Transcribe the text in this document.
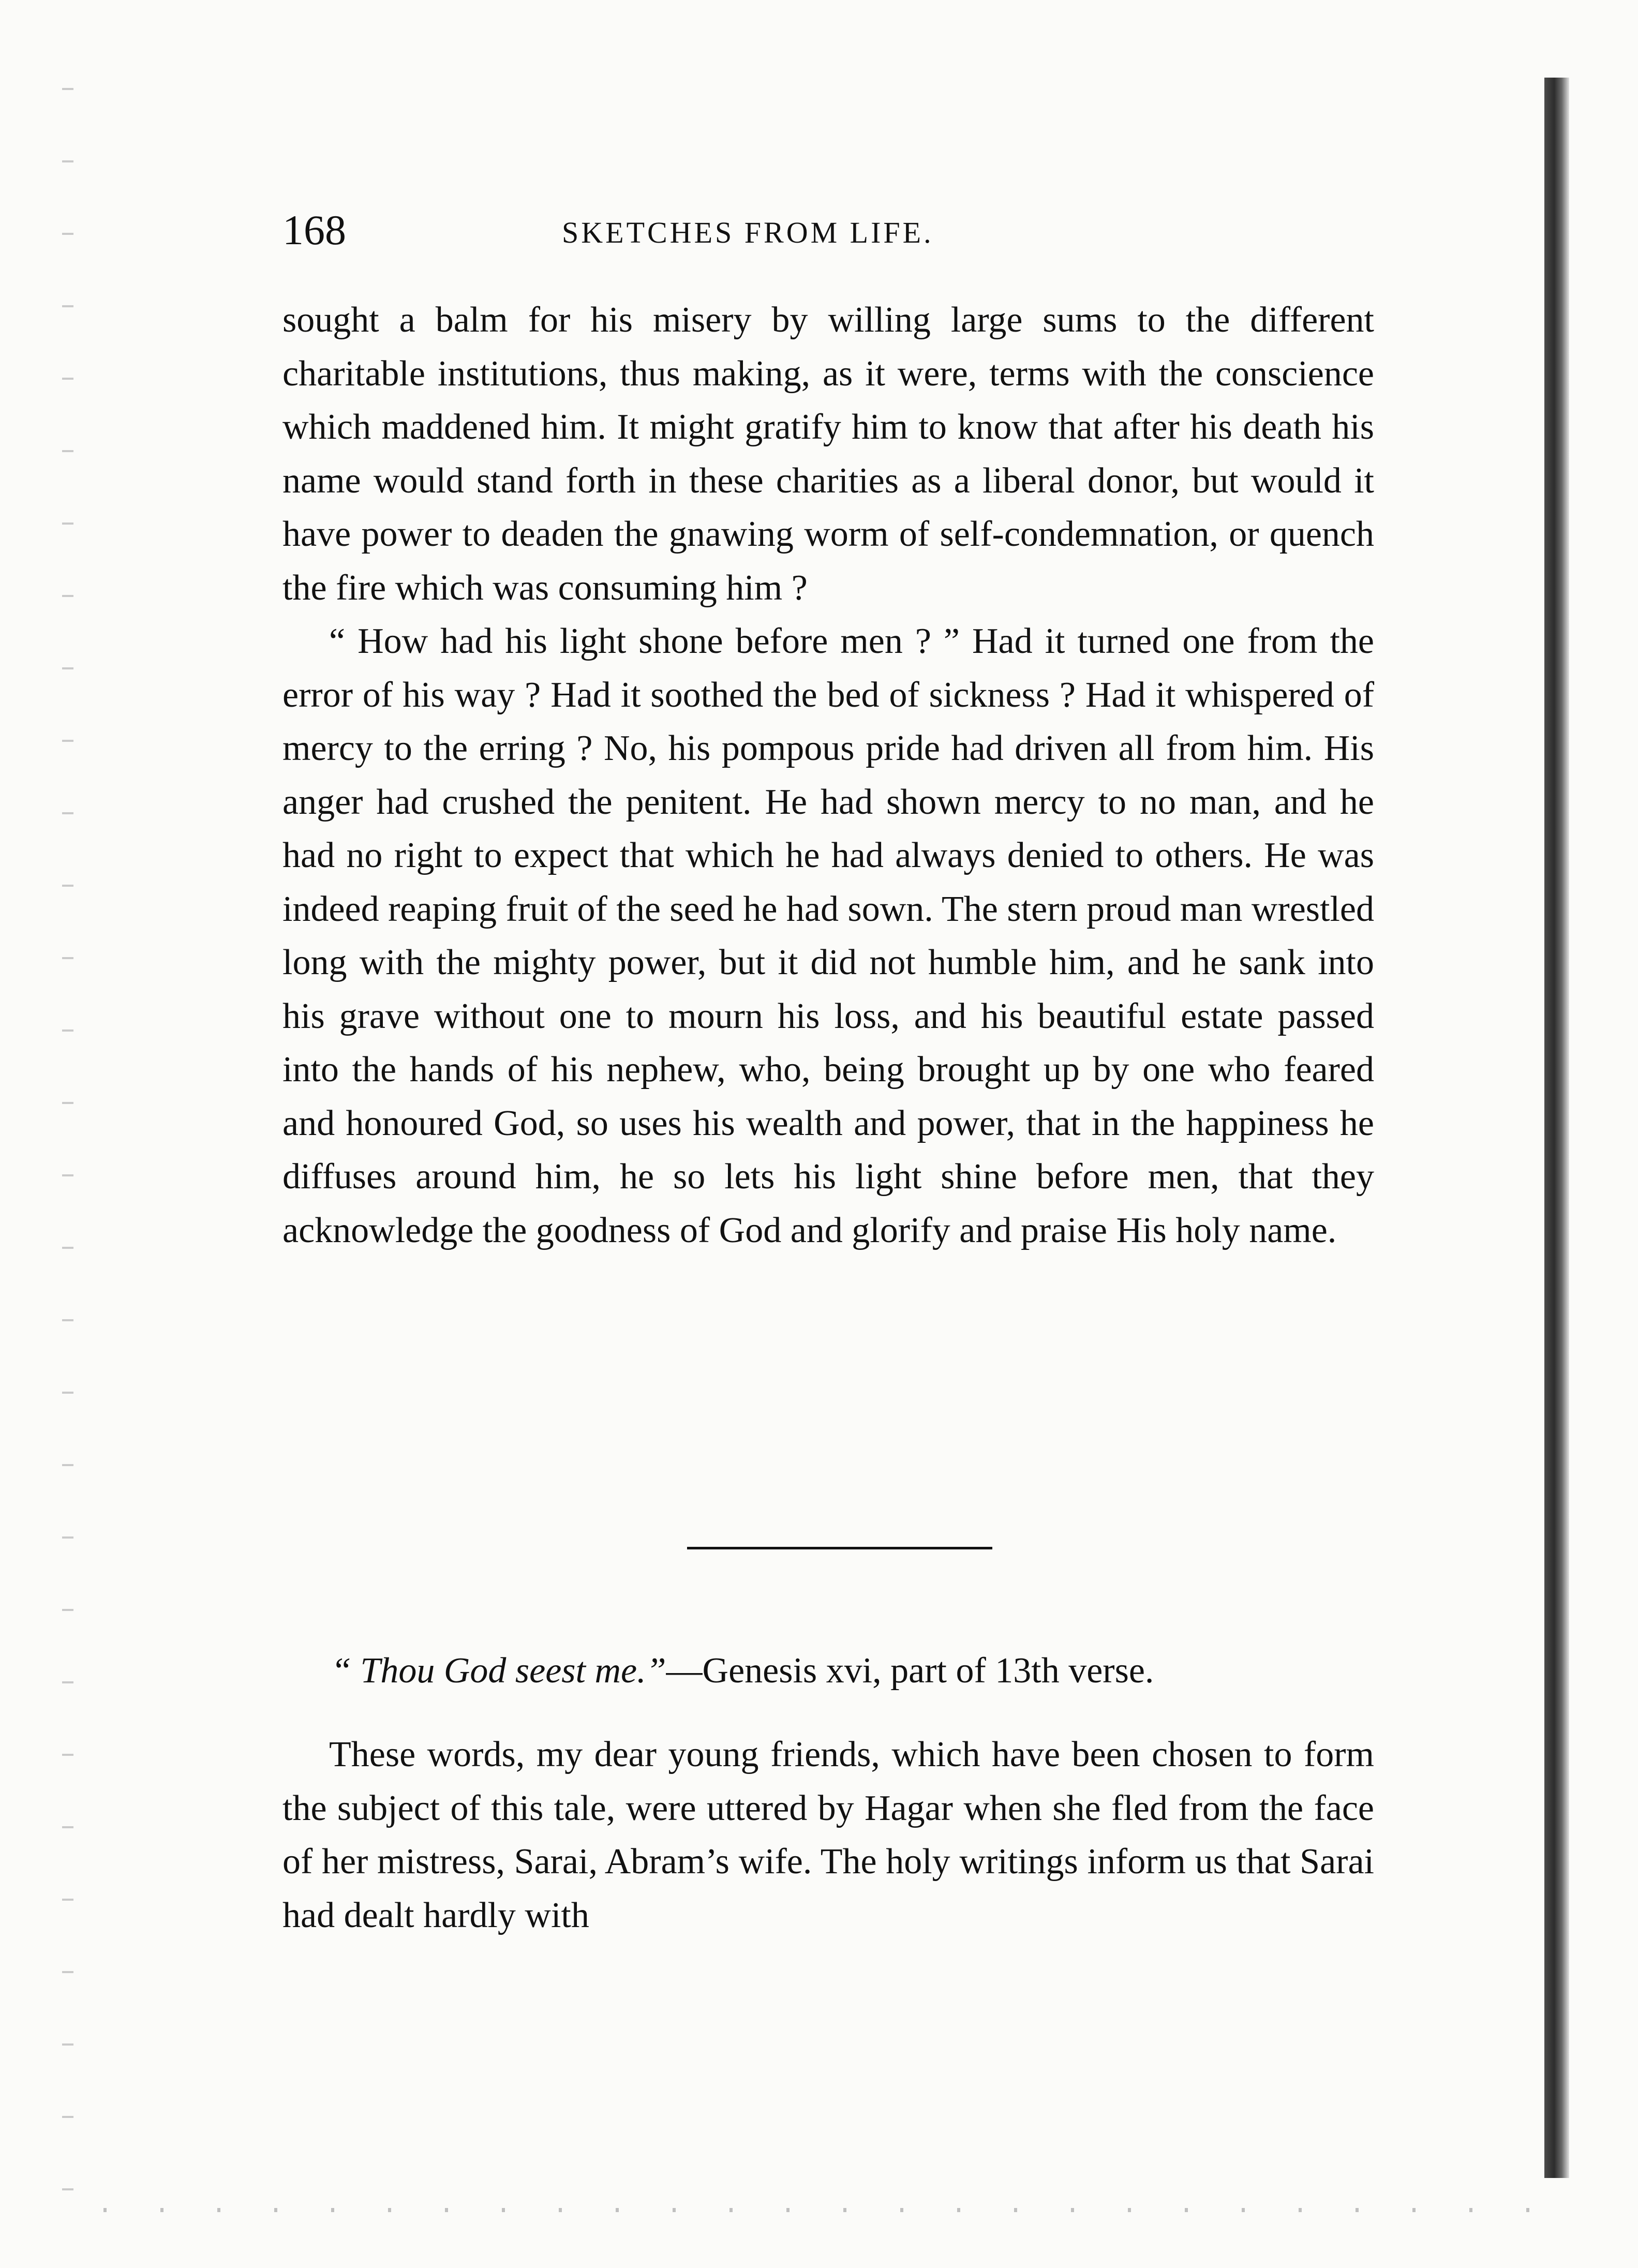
168	SKETCHES FROM LIFE.

sought a balm for his misery by willing large sums to the different charitable institutions, thus making, as it were, terms with the conscience which maddened him. It might gratify him to know that after his death his name would stand forth in these charities as a liberal donor, but would it have power to deaden the gnawing worm of self-condemnation, or quench the fire which was consuming him ?

“ How had his light shone before men ? ” Had it turned one from the error of his way ? Had it soothed the bed of sickness ? Had it whispered of mercy to the erring ? No, his pompous pride had driven all from him. His anger had crushed the penitent. He had shown mercy to no man, and he had no right to expect that which he had always denied to others. He was indeed reaping fruit of the seed he had sown. The stern proud man wrestled long with the mighty power, but it did not humble him, and he sank into his grave without one to mourn his loss, and his beautiful estate passed into the hands of his nephew, who, being brought up by one who feared and honoured God, so uses his wealth and power, that in the happiness he diffuses around him, he so lets his light shine before men, that they acknowledge the goodness of God and glorify and praise His holy name.

“ Thou God seest me.”—Genesis xvi, part of 13th verse.

These words, my dear young friends, which have been chosen to form the subject of this tale, were uttered by Hagar when she fled from the face of her mistress, Sarai, Abram’s wife. The holy writings inform us that Sarai had dealt hardly with
